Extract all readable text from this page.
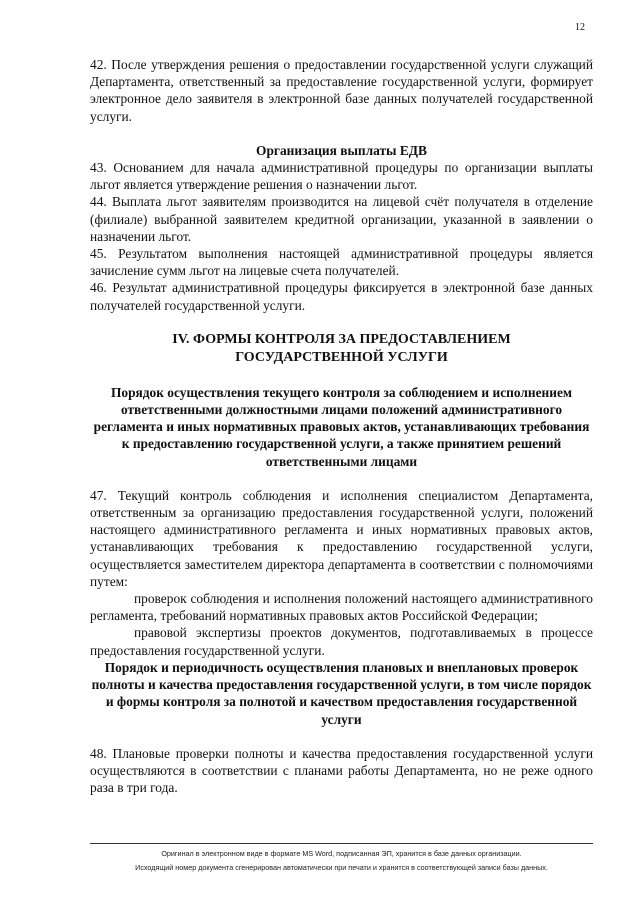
12

42. После утверждения решения о предоставлении государственной услуги служащий Департамента, ответственный за предоставление государственной услуги, формирует электронное дело заявителя в электронной базе данных получателей государственной услуги.

Организация выплаты ЕДВ

43. Основанием для начала административной процедуры по организации выплаты льгот является утверждение решения о назначении льгот.

44. Выплата льгот заявителям производится на лицевой счёт получателя в отделение (филиале) выбранной заявителем кредитной организации, указанной в заявлении о назначении льгот.

45. Результатом выполнения настоящей административной процедуры является зачисление сумм льгот на лицевые счета получателей.

46. Результат административной процедуры фиксируется в электронной базе данных получателей государственной услуги.

IV. ФОРМЫ КОНТРОЛЯ ЗА ПРЕДОСТАВЛЕНИЕМ

ГОСУДАРСТВЕННОЙ УСЛУГИ

Порядок осуществления текущего контроля за соблюдением и исполнением ответственными должностными лицами положений административного регламента и иных нормативных правовых актов, устанавливающих требования к предоставлению государственной услуги, а также принятием решений ответственными лицами

47. Текущий контроль соблюдения и исполнения специалистом Департамента, ответственным за организацию предоставления государственной услуги, положений настоящего административного регламента и иных нормативных правовых актов, устанавливающих требования к предоставлению государственной услуги, осуществляется заместителем директора департамента в соответствии с полномочиями путем:

проверок соблюдения и исполнения положений настоящего административного регламента, требований нормативных правовых актов Российской Федерации;

правовой экспертизы проектов документов, подготавливаемых в процессе предоставления государственной услуги.

Порядок и периодичность осуществления плановых и внеплановых проверок полноты и качества предоставления государственной услуги, в том числе порядок и формы контроля за полнотой и качеством предоставления государственной услуги

48. Плановые проверки полноты и качества предоставления государственной услуги осуществляются в соответствии с планами работы Департамента, но не реже одного раза в три года.

Оригинал в электронном виде в формате MS Word, подписанная ЭП, хранится в базе данных организации.
Исходящий номер документа сгенерирован автоматически при печати и хранится в соответствующей записи базы данных.
